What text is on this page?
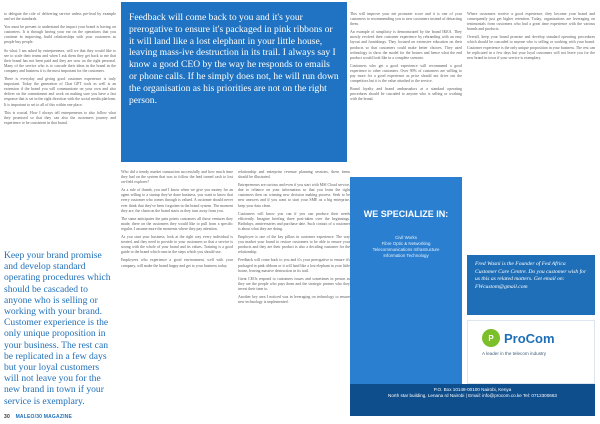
to delegate the role of delivering service unless pre-lead by example and set the standards.

You must be present to understand the impact your brand is having on customers. It is through having your ear on the operations that you continue in improving, build relationships with your customers as people buy people.

So what, I am asked by entrepreneurs, will we that they would like to see to scale their teams and when I ask them they get back to me that their brand has not been paid and they are now on the right personal. Many of the service who is to cascade their ideas in the brand in the company and business it is the most important for the customers.

There is everyday and giving good customer experience is truly important. Today the generation of Chat GPT tools as well is an extension if the brand you will communicate on your own and also deliver on the commitment and work on making sure you have a fast response that is set in the right direction with the social media platform. It is important to set to all of this within one place.

This is crucial. How I always tell entrepreneurs to also follow what they promised so that they can also the customers journey and experience to be consistent in that brand.

Keep your brand promise and develop standard operating procedures which should be cascaded to anyone who is selling or working with your brand. Customer experience is the only unique proposition in your business. The rest can be replicated in a few days but your loyal customers will not leave you for the new brand in town if your service is exemplary.

Feedback will come back to you and it's your prerogative to ensure it's packaged in pink ribbons or it will land like a lost elephant in your little house, leaving mass-ive destruction in its trail. I always say I know a good CEO by the way he responds to emails or phone calls. If he simply does not, he will run down the organisation as his priorities are not on the right person.

Who did a trendy market transaction successfully and how much time they had on the system that was to follow the lead turned cash to lost on-field explorer?

As a rule of thumb, you and I know when we give you money for an agent selling to a startup they've done business, you want to know that every customer who comes through is valued. A customer should never ever think that they've been forgotten in the brand system. The moment they are, the chain on the brand starts as they turn away from you.

The same anticipates the pain points customers all those ventures they made, there on the customers they would like to pull from a specific regular. I assume more the moments where they pay attention.

As you start your business, look at the right way every individual is treated, and they need to provide to your customers so that a service is strong with the whole of your brand and its values. Training is a good guide to the brand which runs in the steps which you should use.

Employees who experience a good environment, well with your company, will make the brand happy and get to your business today.

relationship and enterprise revenue planning sessions, these items should be illustrated.

Entrepreneurs are curious and even if you start with MSI Cloud service, due to reliance on your information so that you learn the right customers then on winning new decision making process. Seek to be new answers and if you want to start your SME as a big enterprise, keep your data clean.

Customers will know you can if you can produce their needs efficiently. Imagine briefing three post-taken over the beginnings. Birthdays, anniversaries and purchase date. Such contact of a customer is about what they are doing.

Employee is one of the key pillars in customer experience. The way you market your brand to restore customers to be able to ensure your products and they are their product is also a deciding customer for the relationship.

Feedback will come back to you and it's your prerogative to ensure it's packaged in pink ribbons or it will land like a lost elephant in your little house, leaving massive destruction in its trail.

Great CEOs respond to customers issues and sometimes in person as they are the people who pays them and the strategic partner who they invest their time to.

Another key area I noticed was in leveraging on technology to ensure new technology is implemented.

This will improve your net promoter score and it is one of your customers to recommending you to new customers instead of detracting them.

An example of simplicity is demonstrated by the brand IKEA. They mostly evolved their customer experience by rebranding with an easy layout and furnishings. They focused on extensive education on their products so that customers could make better choices. They used technology to show the model for the houses and hence what the end product would look like in a complete scenario.

Customers who get a good experience will recommend a good experience to other customers. Over 90% of customers are willing to pay more for a good experience as price should not drive out the competitors but it is the value attached to the service.

Brand loyalty and brand ambassadors at a standard operating procedures should be cascaded to anyone who is selling or working with the brand.

Where customers receive a good experience, they become your brand and consequently just get higher retention. Today, organisations are leveraging on testimonials from customers who had a great time experience with the various brands and products.

Overall, keep your brand promise and develop standard operating procedures which should be cascaded to anyone who is selling or working with your brand. Customer experience is the only unique proposition in your business. The rest can be replicated in a few days but your loyal customers will not leave you for the new brand in town if your service is exemplary.

Fred Wasni is the Founder of Fed Africa Customer Care Centre. Do you customer wish for us this as related matters. Get email on: FWcustom@gmail.com

WE SPECIALIZE IN:
Civil Works
Fibre Optic & Networking
Telecommunications Infrastructure
Information Technology
P ProCom
A leader in the telecom industry
P.O. Box 10148-00100 Nairobi, Kenya
North star building, Lenana rd Nairobi | Email: info@procom.co.ke Tel: 0712300663
30 MALEO/30 MAGAZINE
